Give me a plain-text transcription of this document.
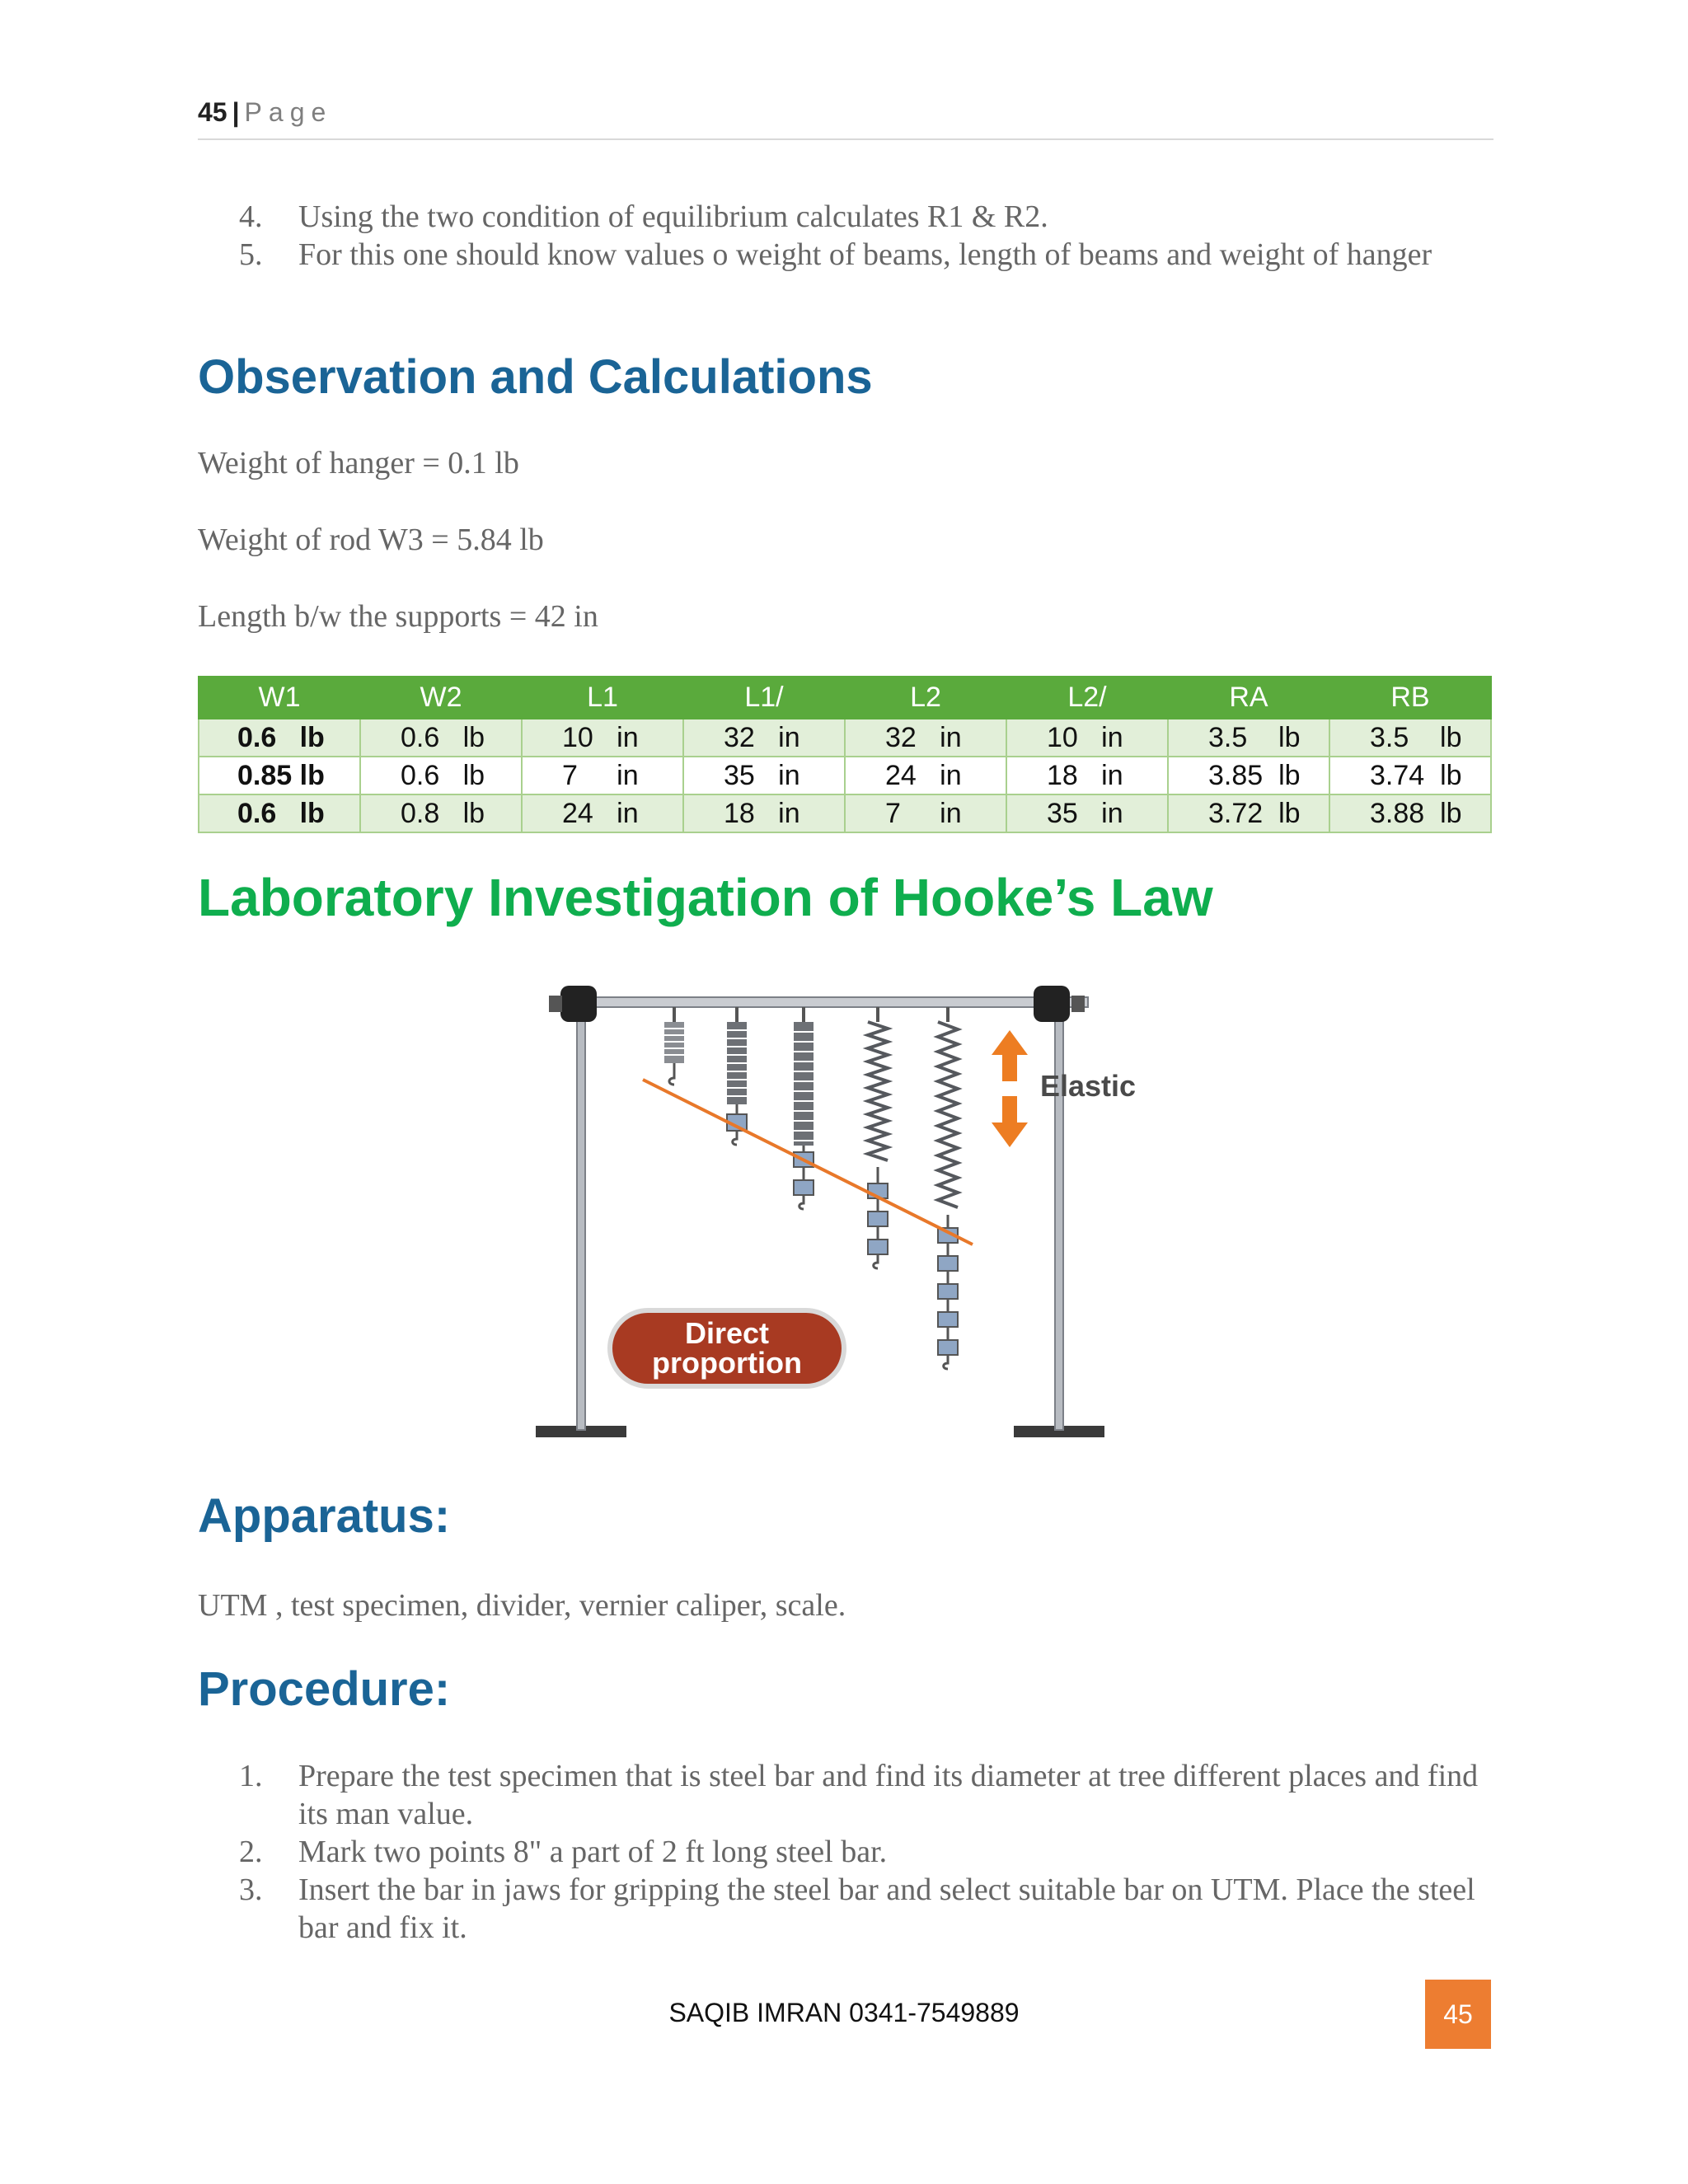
45 | Page
4. Using the two condition of equilibrium calculates R1 & R2.
5. For this one should know values o weight of beams, length of beams and weight of hanger
Observation and Calculations

Weight of hanger = 0.1 lb

Weight of rod W3 = 5.84 lb

Length b/w the supports = 42 in

W1	W2	L1	L1/	L2	L2/	RA	RB
0.6   lb	0.6   lb	10   in	32   in	32   in	10   in	3.5    lb	3.5    lb
0.85 lb	0.6   lb	7     in	35   in	24   in	18   in	3.85  lb	3.74  lb
0.6   lb	0.8   lb	24   in	18   in	7     in	35   in	3.72  lb	3.88  lb
Laboratory Investigation of Hooke’s Law
Elastic
Direct
proportion
Apparatus:

UTM , test specimen, divider, vernier caliper, scale.

Procedure:
1. Prepare the test specimen that is steel bar and find its diameter at tree different places and find its man value.
2. Mark two points 8" a part of 2 ft long steel bar.
3. Insert the bar in jaws for gripping the steel bar and select suitable bar on UTM. Place the steel bar and fix it.
SAQIB IMRAN 0341-7549889	45
